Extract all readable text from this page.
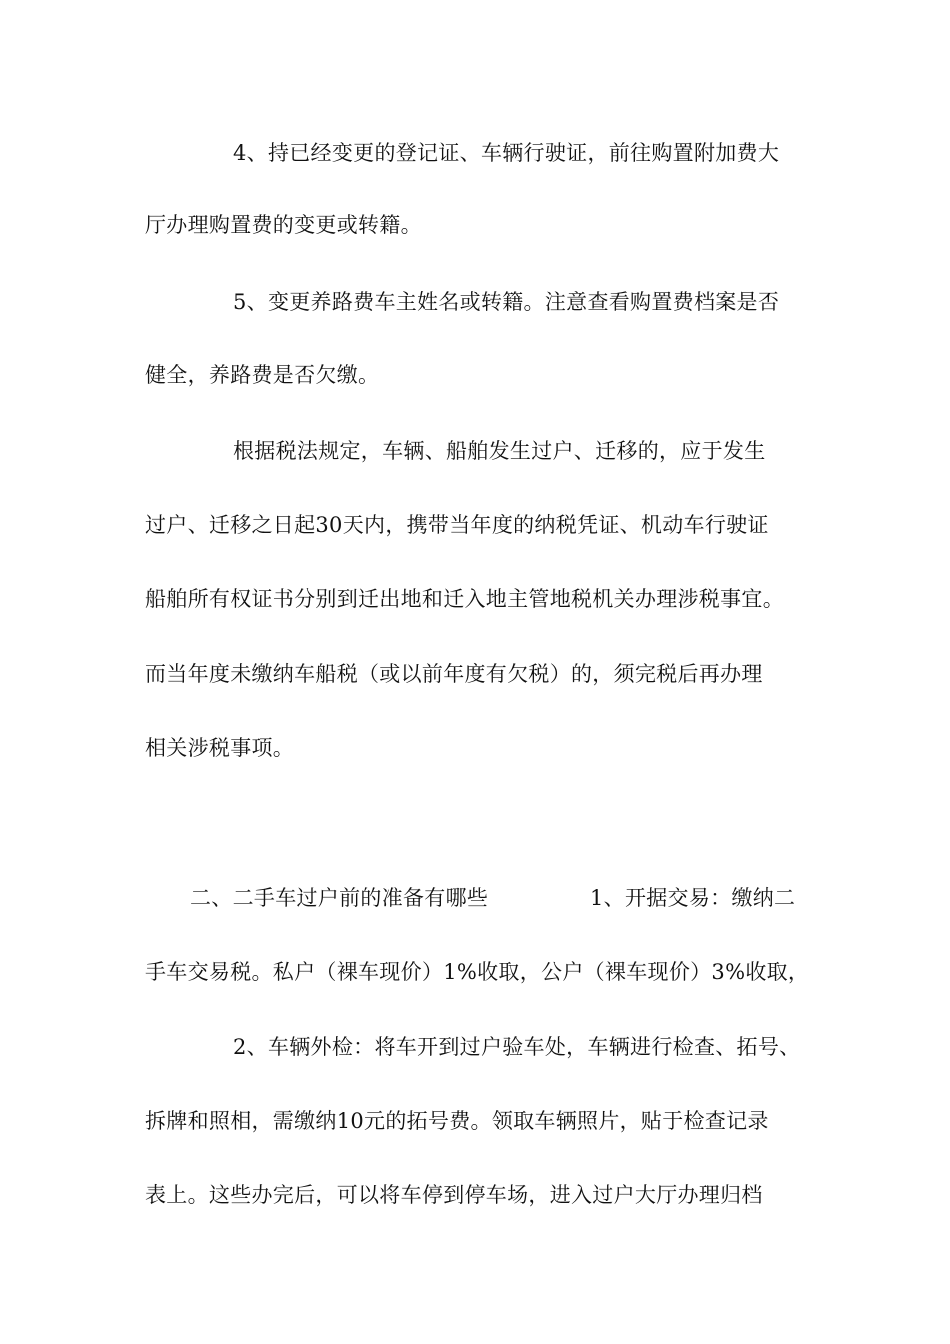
4、持已经变更的登记证、车辆行驶证，前往购置附加费大
厅办理购置费的变更或转籍。
5、变更养路费车主姓名或转籍。注意查看购置费档案是否
健全，养路费是否欠缴。
根据税法规定，车辆、船舶发生过户、迁移的，应于发生
过户、迁移之日起30天内，携带当年度的纳税凭证、机动车行驶证
船舶所有权证书分别到迁出地和迁入地主管地税机关办理涉税事宜。
而当年度未缴纳车船税（或以前年度有欠税）的，须完税后再办理
相关涉税事项。
二、二手车过户前的准备有哪些	1、开据交易：缴纳二
手车交易税。私户（裸车现价）1%收取，公户（裸车现价）3%收取，
2、车辆外检：将车开到过户验车处，车辆进行检查、拓号、
拆牌和照相，需缴纳10元的拓号费。领取车辆照片，贴于检查记录
表上。这些办完后，可以将车停到停车场，进入过户大厅办理归档
